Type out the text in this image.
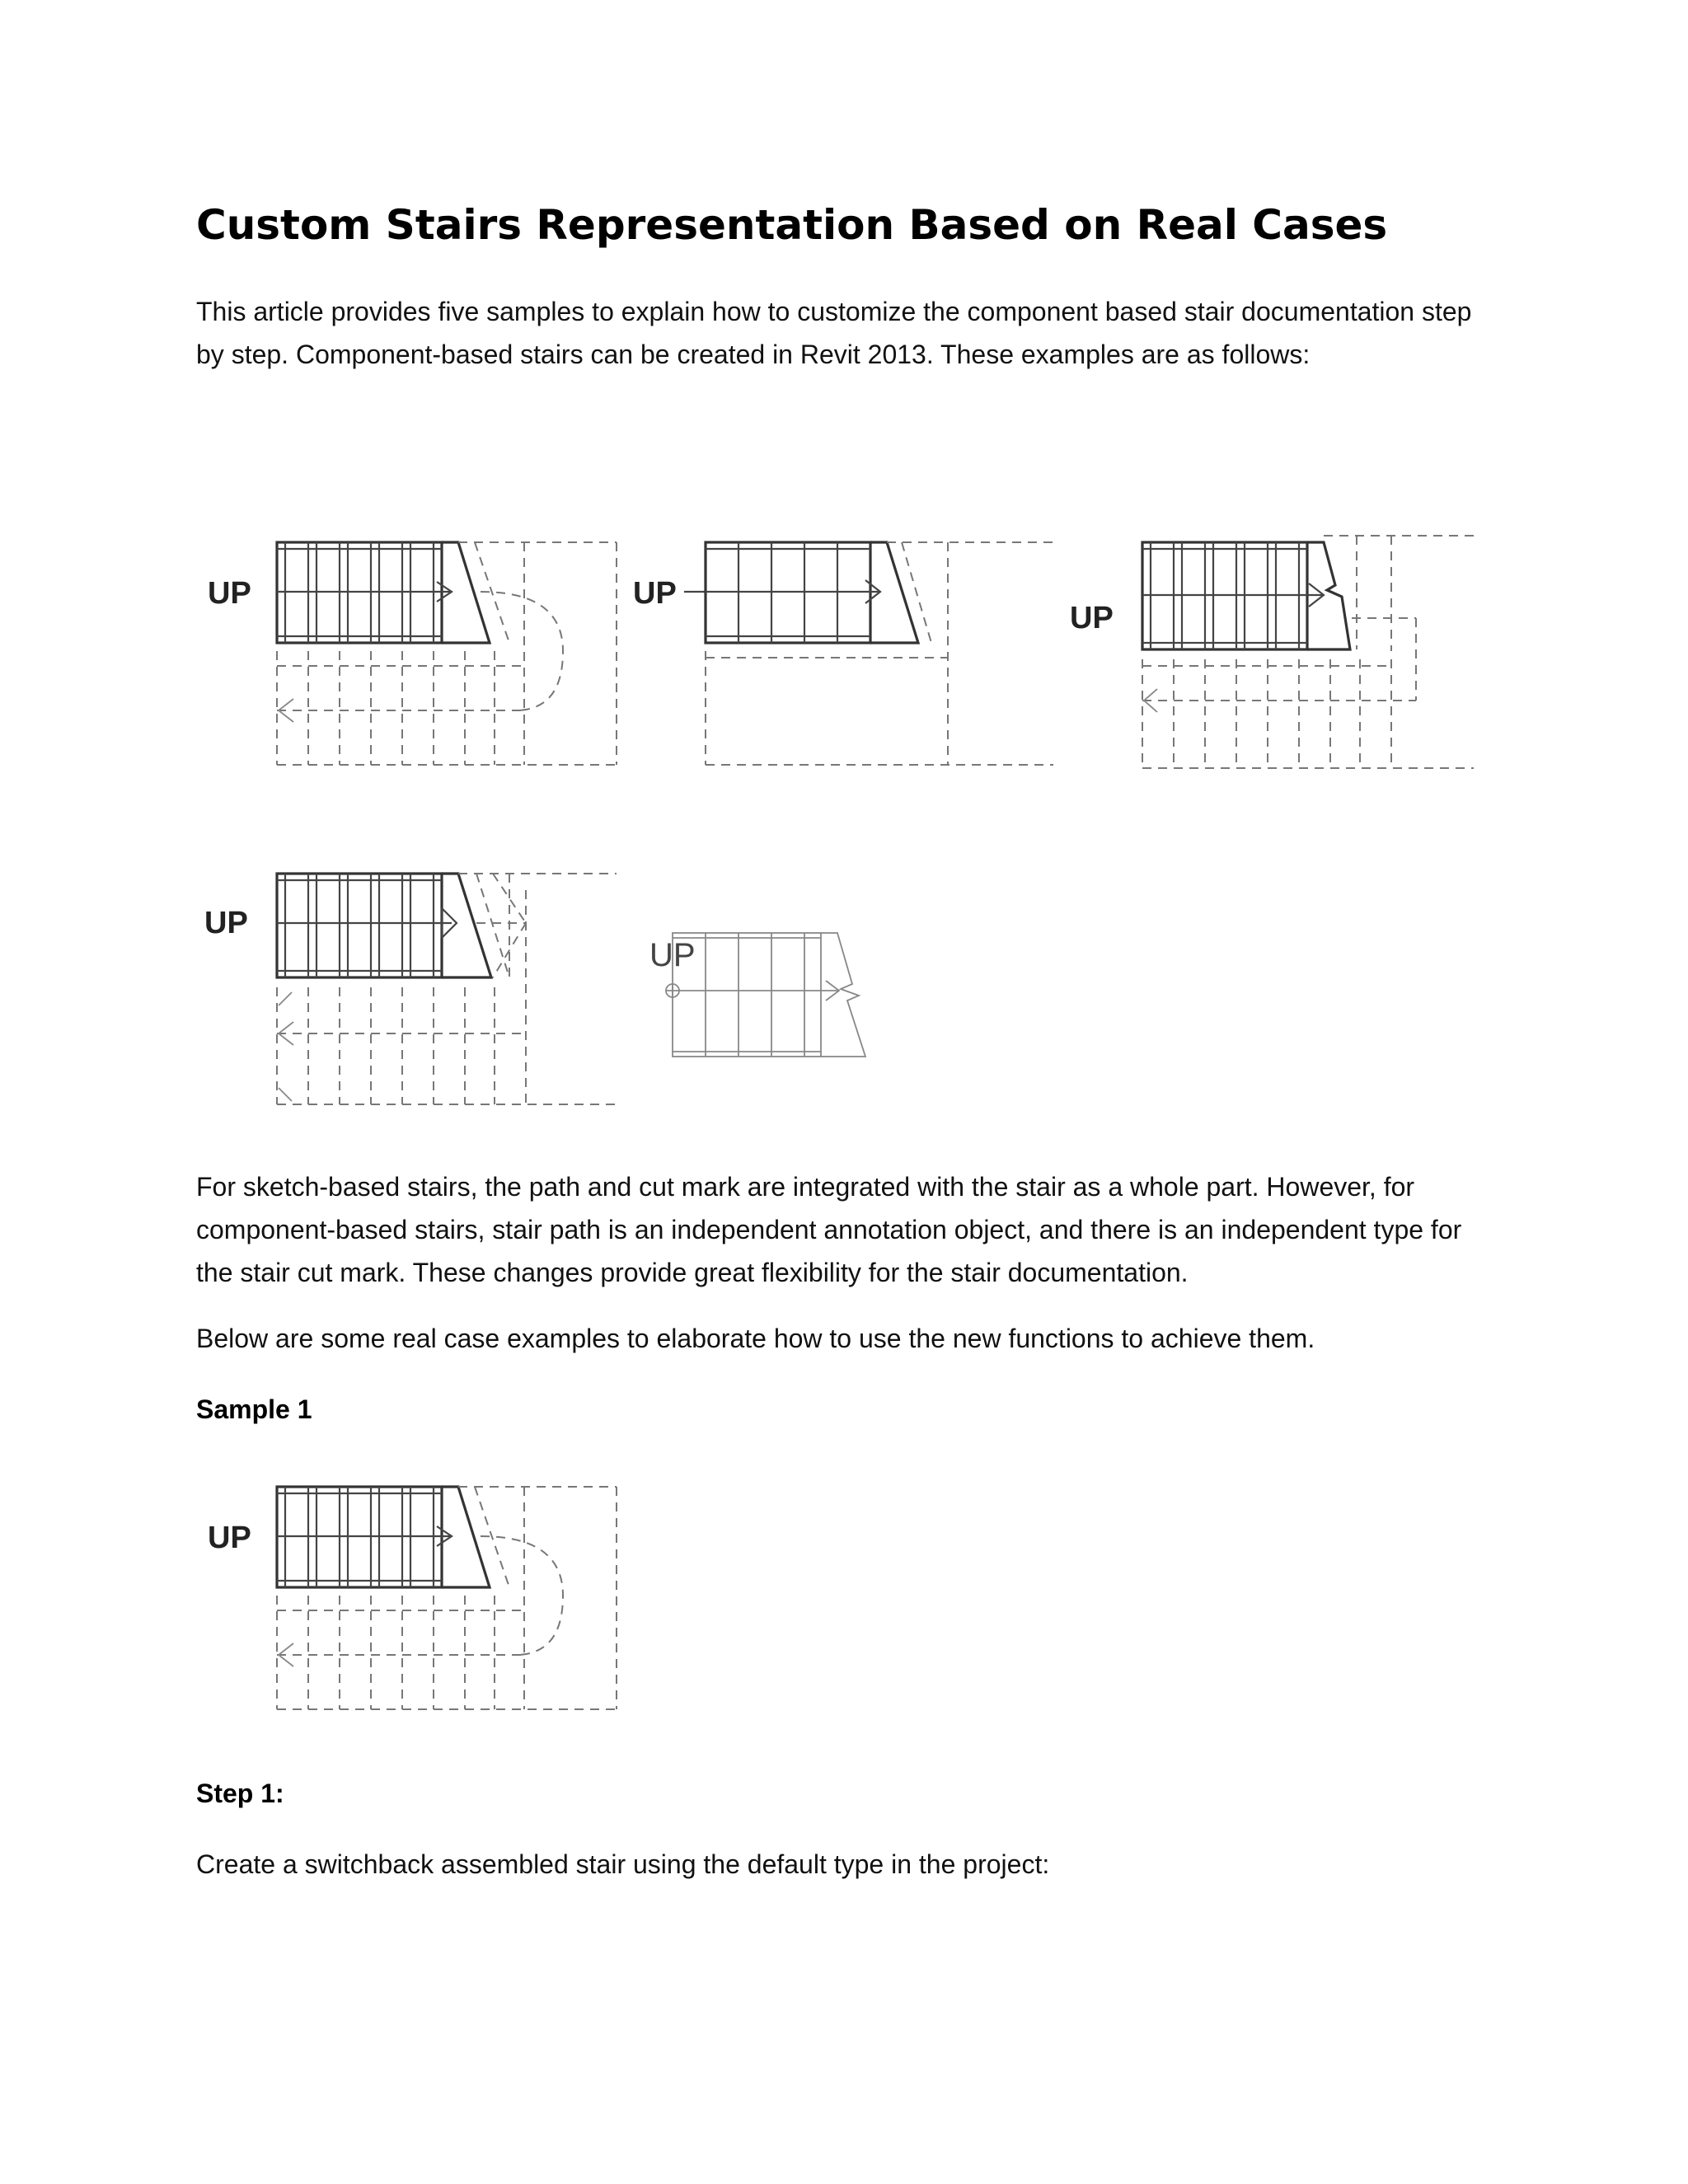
Custom Stairs Representation Based on Real Cases

This article provides five samples to explain how to customize the component based stair documentation step by step. Component-based stairs can be created in Revit 2013. These examples are as follows:

UP	UP
UP
UP
UP

For sketch-based stairs, the path and cut mark are integrated with the stair as a whole part. However, for component-based stairs, stair path is an independent annotation object, and there is an independent type for the stair cut mark. These changes provide great flexibility for the stair documentation.

Below are some real case examples to elaborate how to use the new functions to achieve them.

Sample 1

UP

Step 1:

Create a switchback assembled stair using the default type in the project:
